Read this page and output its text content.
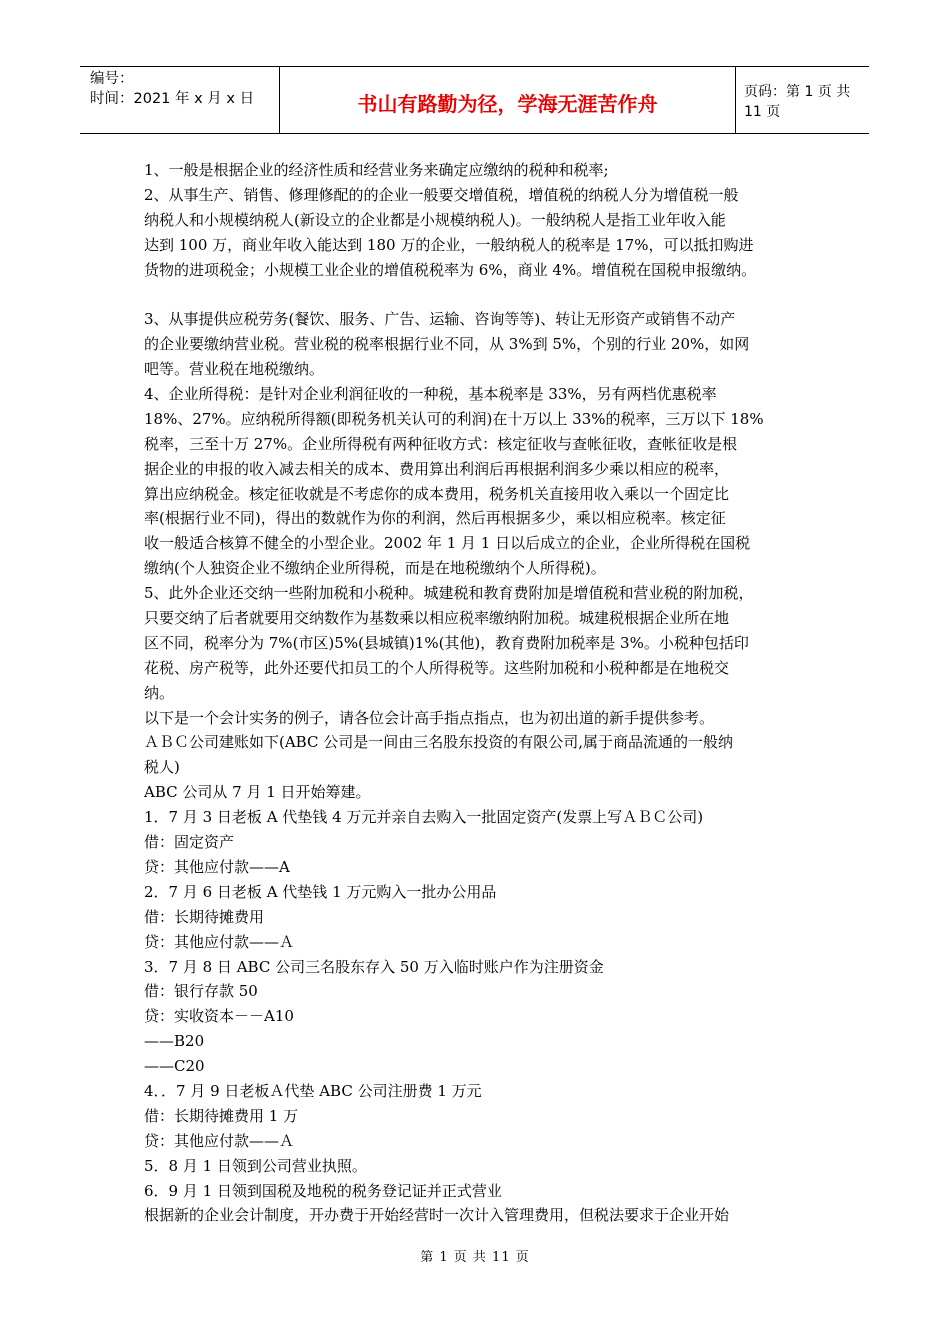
编号：
时间：2021 年 x 月 x 日	书山有路勤为径，学海无涯苦作舟	页码：第 1 页 共 11 页
1、一般是根据企业的经济性质和经营业务来确定应缴纳的税种和税率;
2、从事生产、销售、修理修配的的企业一般要交增值税，增值税的纳税人分为增值税一般
纳税人和小规模纳税人(新设立的企业都是小规模纳税人)。一般纳税人是指工业年收入能
达到 100 万，商业年收入能达到 180 万的企业，一般纳税人的税率是 17%，可以抵扣购进
货物的进项税金；小规模工业企业的增值税税率为 6%，商业 4%。增值税在国税申报缴纳。
3、从事提供应税劳务(餐饮、服务、广告、运输、咨询等等)、转让无形资产或销售不动产
的企业要缴纳营业税。营业税的税率根据行业不同，从 3%到 5%，个别的行业 20%，如网
吧等。营业税在地税缴纳。
4、企业所得税：是针对企业利润征收的一种税，基本税率是 33%，另有两档优惠税率
18%、27%。应纳税所得额(即税务机关认可的利润)在十万以上 33%的税率，三万以下 18%
税率，三至十万 27%。企业所得税有两种征收方式：核定征收与查帐征收，查帐征收是根
据企业的申报的收入减去相关的成本、费用算出利润后再根据利润多少乘以相应的税率，
算出应纳税金。核定征收就是不考虑你的成本费用，税务机关直接用收入乘以一个固定比
率(根据行业不同)，得出的数就作为你的利润，然后再根据多少，乘以相应税率。核定征
收一般适合核算不健全的小型企业。2002 年 1 月 1 日以后成立的企业，企业所得税在国税
缴纳(个人独资企业不缴纳企业所得税，而是在地税缴纳个人所得税)。
5、此外企业还交纳一些附加税和小税种。城建税和教育费附加是增值税和营业税的附加税，
只要交纳了后者就要用交纳数作为基数乘以相应税率缴纳附加税。城建税根据企业所在地
区不同，税率分为 7%(市区)5%(县城镇)1%(其他)，教育费附加税率是 3%。小税种包括印
花税、房产税等，此外还要代扣员工的个人所得税等。这些附加税和小税种都是在地税交
纳。
以下是一个会计实务的例子，请各位会计高手指点指点，也为初出道的新手提供参考。
ＡＢＣ公司建账如下(ABC 公司是一间由三名股东投资的有限公司,属于商品流通的一般纳
税人)
ABC 公司从 7 月 1 日开始筹建。
1．7 月 3 日老板 A 代垫钱 4 万元并亲自去购入一批固定资产(发票上写ＡＢＣ公司)
借：固定资产
贷：其他应付款——A
2．7 月 6 日老板 A 代垫钱 1 万元购入一批办公用品
借：长期待摊费用
贷：其他应付款——Ａ
3．7 月 8 日 ABC 公司三名股东存入 50 万入临时账户作为注册资金
借：银行存款 50
贷：实收资本－－A10
——B20
——C20
4．．7 月 9 日老板Ａ代垫 ABC 公司注册费 1 万元
借：长期待摊费用 1 万
贷：其他应付款——Ａ
5．8 月 1 日领到公司营业执照。
6．9 月 1 日领到国税及地税的税务登记证并正式营业
根据新的企业会计制度，开办费于开始经营时一次计入管理费用，但税法要求于企业开始
第 1 页 共 11 页
